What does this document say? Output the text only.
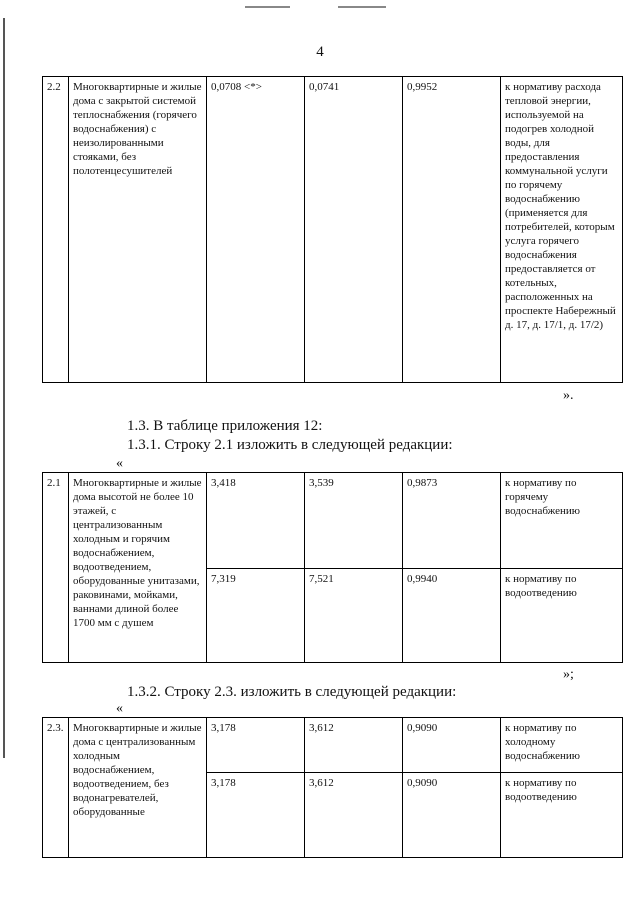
4
2.2	Многоквартирные и жилые дома с закрытой системой теплоснабжения (горячего водоснабжения) с неизолированными стояками, без полотенцесушителей	0,0708 <*>	0,0741	0,9952	к нормативу расхода тепловой энергии, используемой на подогрев холодной воды, для предоставления коммунальной услуги по горячему водоснабжению (применяется для потребителей, которым услуга горячего водоснабжения предоставляется от котельных, расположенных на проспекте Набережный д. 17, д. 17/1, д. 17/2)
».
1.3. В таблице приложения 12:
1.3.1. Строку 2.1 изложить в следующей редакции:
«
2.1	Многоквартирные и жилые дома высотой не более 10 этажей, с централизованным холодным и горячим водоснабжением, водоотведением, оборудованные унитазами, раковинами, мойками, ваннами длиной более 1700 мм с душем	3,418	3,539	0,9873	к нормативу по горячему водоснабжению
		7,319	7,521	0,9940	к нормативу по водоотведению
»;
1.3.2. Строку 2.3. изложить в следующей редакции:
«
2.3.	Многоквартирные и жилые дома с централизованным холодным водоснабжением, водоотведением, без водонагревателей, оборудованные	3,178	3,612	0,9090	к нормативу по холодному водоснабжению
		3,178	3,612	0,9090	к нормативу по водоотведению
